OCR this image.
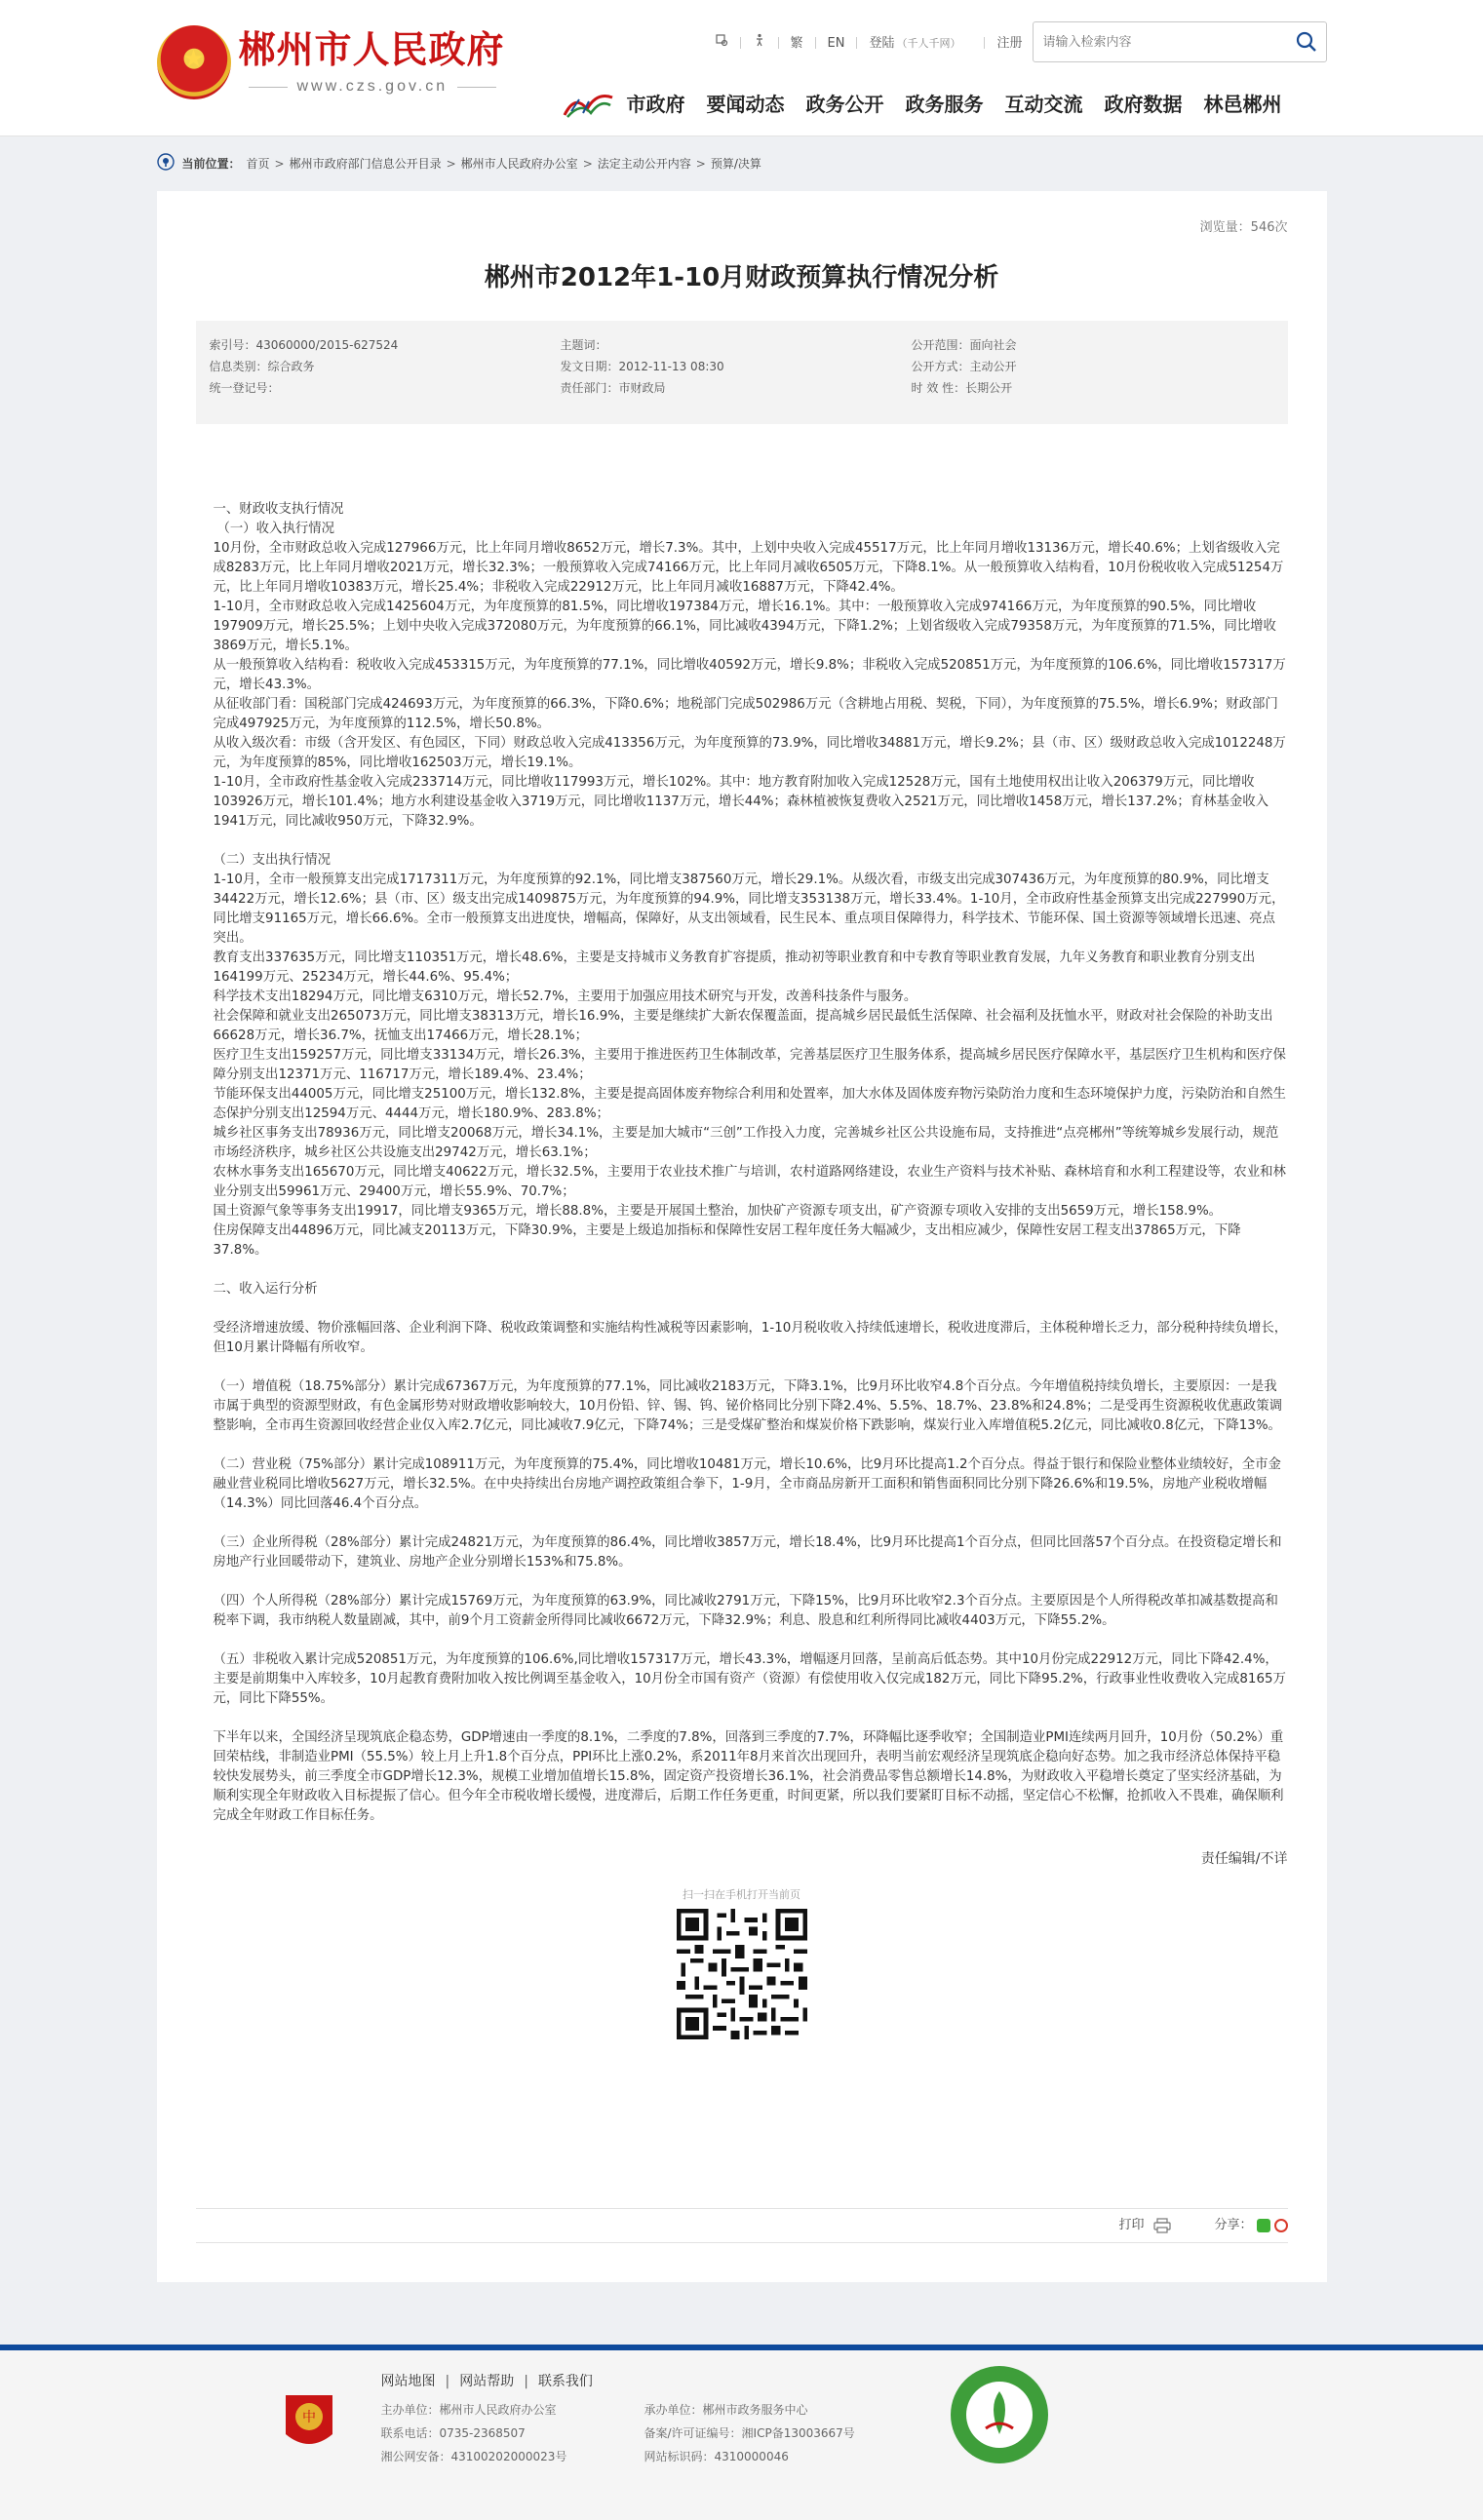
★
郴州市人民政府
www.czs.gov.cn
繁 EN 登陆 （千人千网）	注册
请输入检索内容
市政府 要闻动态 政务公开 政务服务 互动交流 政府数据 林邑郴州
当前位置： 首页 > 郴州市政府部门信息公开目录 > 郴州市人民政府办公室 > 法定主动公开内容 > 预算/决算
浏览量：546次
郴州市2012年1-10月财政预算执行情况分析
索引号：43060000/2015-627524	主题词：	公开范围：面向社会
信息类别：综合政务	发文日期：2012-11-13 08:30	公开方式：主动公开
统一登记号：	责任部门：市财政局	时 效 性：长期公开

一、财政收支执行情况

（一）收入执行情况

10月份，全市财政总收入完成127966万元，比上年同月增收8652万元，增长7.3%。其中，上划中央收入完成45517万元，比上年同月增收13136万元，增长40.6%；上划省级收入完成8283万元，比上年同月增收2021万元，增长32.3%；一般预算收入完成74166万元，比上年同月减收6505万元，下降8.1%。从一般预算收入结构看，10月份税收收入完成51254万元，比上年同月增收10383万元，增长25.4%；非税收入完成22912万元，比上年同月减收16887万元，下降42.4%。

1-10月，全市财政总收入完成1425604万元，为年度预算的81.5%，同比增收197384万元，增长16.1%。其中：一般预算收入完成974166万元，为年度预算的90.5%，同比增收197909万元，增长25.5%；上划中央收入完成372080万元，为年度预算的66.1%，同比减收4394万元，下降1.2%；上划省级收入完成79358万元，为年度预算的71.5%，同比增收3869万元，增长5.1%。

从一般预算收入结构看：税收收入完成453315万元，为年度预算的77.1%，同比增收40592万元，增长9.8%；非税收入完成520851万元，为年度预算的106.6%，同比增收157317万元，增长43.3%。

从征收部门看：国税部门完成424693万元，为年度预算的66.3%，下降0.6%；地税部门完成502986万元（含耕地占用税、契税，下同），为年度预算的75.5%，增长6.9%；财政部门完成497925万元，为年度预算的112.5%，增长50.8%。

从收入级次看：市级（含开发区、有色园区，下同）财政总收入完成413356万元，为年度预算的73.9%，同比增收34881万元，增长9.2%；县（市、区）级财政总收入完成1012248万元，为年度预算的85%，同比增收162503万元，增长19.1%。

1-10月，全市政府性基金收入完成233714万元，同比增收117993万元，增长102%。其中：地方教育附加收入完成12528万元，国有土地使用权出让收入206379万元，同比增收103926万元，增长101.4%；地方水利建设基金收入3719万元，同比增收1137万元，增长44%；森林植被恢复费收入2521万元，同比增收1458万元，增长137.2%；育林基金收入1941万元，同比减收950万元，下降32.9%。

（二）支出执行情况

1-10月，全市一般预算支出完成1717311万元，为年度预算的92.1%，同比增支387560万元，增长29.1%。从级次看，市级支出完成307436万元，为年度预算的80.9%，同比增支34422万元，增长12.6%；县（市、区）级支出完成1409875万元，为年度预算的94.9%，同比增支353138万元，增长33.4%。1-10月，全市政府性基金预算支出完成227990万元，同比增支91165万元，增长66.6%。全市一般预算支出进度快，增幅高，保障好，从支出领域看，民生民本、重点项目保障得力，科学技术、节能环保、国土资源等领域增长迅速、亮点突出。

教育支出337635万元，同比增支110351万元，增长48.6%，主要是支持城市义务教育扩容提质，推动初等职业教育和中专教育等职业教育发展，九年义务教育和职业教育分别支出164199万元、25234万元，增长44.6%、95.4%；

科学技术支出18294万元，同比增支6310万元，增长52.7%，主要用于加强应用技术研究与开发，改善科技条件与服务。

社会保障和就业支出265073万元，同比增支38313万元，增长16.9%，主要是继续扩大新农保覆盖面，提高城乡居民最低生活保障、社会福利及抚恤水平，财政对社会保险的补助支出66628万元，增长36.7%，抚恤支出17466万元，增长28.1%；

医疗卫生支出159257万元，同比增支33134万元，增长26.3%，主要用于推进医药卫生体制改革，完善基层医疗卫生服务体系，提高城乡居民医疗保障水平，基层医疗卫生机构和医疗保障分别支出12371万元、116717万元，增长189.4%、23.4%；

节能环保支出44005万元，同比增支25100万元，增长132.8%，主要是提高固体废弃物综合利用和处置率，加大水体及固体废弃物污染防治力度和生态环境保护力度，污染防治和自然生态保护分别支出12594万元、4444万元，增长180.9%、283.8%；

城乡社区事务支出78936万元，同比增支20068万元，增长34.1%，主要是加大城市“三创”工作投入力度，完善城乡社区公共设施布局，支持推进“点亮郴州”等统筹城乡发展行动，规范市场经济秩序，城乡社区公共设施支出29742万元，增长63.1%；

农林水事务支出165670万元，同比增支40622万元，增长32.5%，主要用于农业技术推广与培训，农村道路网络建设，农业生产资料与技术补贴、森林培育和水利工程建设等，农业和林业分别支出59961万元、29400万元，增长55.9%、70.7%；

国土资源气象等事务支出19917，同比增支9365万元，增长88.8%，主要是开展国土整治，加快矿产资源专项支出，矿产资源专项收入安排的支出5659万元，增长158.9%。

住房保障支出44896万元，同比减支20113万元，下降30.9%，主要是上级追加指标和保障性安居工程年度任务大幅减少，支出相应减少，保障性安居工程支出37865万元，下降37.8%。

二、收入运行分析

受经济增速放缓、物价涨幅回落、企业利润下降、税收政策调整和实施结构性减税等因素影响，1-10月税收收入持续低速增长，税收进度滞后，主体税种增长乏力，部分税种持续负增长，但10月累计降幅有所收窄。

（一）增值税（18.75%部分）累计完成67367万元，为年度预算的77.1%，同比减收2183万元，下降3.1%，比9月环比收窄4.8个百分点。今年增值税持续负增长，主要原因：一是我市属于典型的资源型财政，有色金属形势对财政增收影响较大，10月份铅、锌、锡、钨、铋价格同比分别下降2.4%、5.5%、18.7%、23.8%和24.8%；二是受再生资源税收优惠政策调整影响，全市再生资源回收经营企业仅入库2.7亿元，同比减收7.9亿元，下降74%；三是受煤矿整治和煤炭价格下跌影响，煤炭行业入库增值税5.2亿元，同比减收0.8亿元，下降13%。

（二）营业税（75%部分）累计完成108911万元，为年度预算的75.4%，同比增收10481万元，增长10.6%，比9月环比提高1.2个百分点。得益于银行和保险业整体业绩较好，全市金融业营业税同比增收5627万元，增长32.5%。在中央持续出台房地产调控政策组合拳下，1-9月，全市商品房新开工面积和销售面积同比分别下降26.6%和19.5%，房地产业税收增幅（14.3%）同比回落46.4个百分点。

（三）企业所得税（28%部分）累计完成24821万元，为年度预算的86.4%，同比增收3857万元，增长18.4%，比9月环比提高1个百分点，但同比回落57个百分点。在投资稳定增长和房地产行业回暖带动下，建筑业、房地产企业分别增长153%和75.8%。

（四）个人所得税（28%部分）累计完成15769万元，为年度预算的63.9%，同比减收2791万元，下降15%，比9月环比收窄2.3个百分点。主要原因是个人所得税改革扣减基数提高和税率下调，我市纳税人数量剧减，其中，前9个月工资薪金所得同比减收6672万元，下降32.9%；利息、股息和红利所得同比减收4403万元，下降55.2%。

（五）非税收入累计完成520851万元，为年度预算的106.6%,同比增收157317万元，增长43.3%，增幅逐月回落，呈前高后低态势。其中10月份完成22912万元，同比下降42.4%，主要是前期集中入库较多，10月起教育费附加收入按比例调至基金收入，10月份全市国有资产（资源）有偿使用收入仅完成182万元，同比下降95.2%，行政事业性收费收入完成8165万元，同比下降55%。

下半年以来，全国经济呈现筑底企稳态势，GDP增速由一季度的8.1%，二季度的7.8%，回落到三季度的7.7%，环降幅比逐季收窄；全国制造业PMI连续两月回升，10月份（50.2%）重回荣枯线，非制造业PMI（55.5%）较上月上升1.8个百分点，PPI环比上涨0.2%，系2011年8月来首次出现回升，表明当前宏观经济呈现筑底企稳向好态势。加之我市经济总体保持平稳较快发展势头，前三季度全市GDP增长12.3%，规模工业增加值增长15.8%，固定资产投资增长36.1%，社会消费品零售总额增长14.8%，为财政收入平稳增长奠定了坚实经济基础，为顺利实现全年财政收入目标提振了信心。但今年全市税收增长缓慢，进度滞后，后期工作任务更重，时间更紧，所以我们要紧盯目标不动摇，坚定信心不松懈，抢抓收入不畏难，确保顺利完成全年财政工作目标任务。

责任编辑/不详
扫一扫在手机打开当前页
打印	分享：
中
网站地图 | 网站帮助 | 联系我们
主办单位：郴州市人民政府办公室	承办单位：郴州市政务服务中心
联系电话：0735-2368507	备案/许可证编号：湘ICP备13003667号
湘公网安备：43100202000023号	网站标识码：4310000046
